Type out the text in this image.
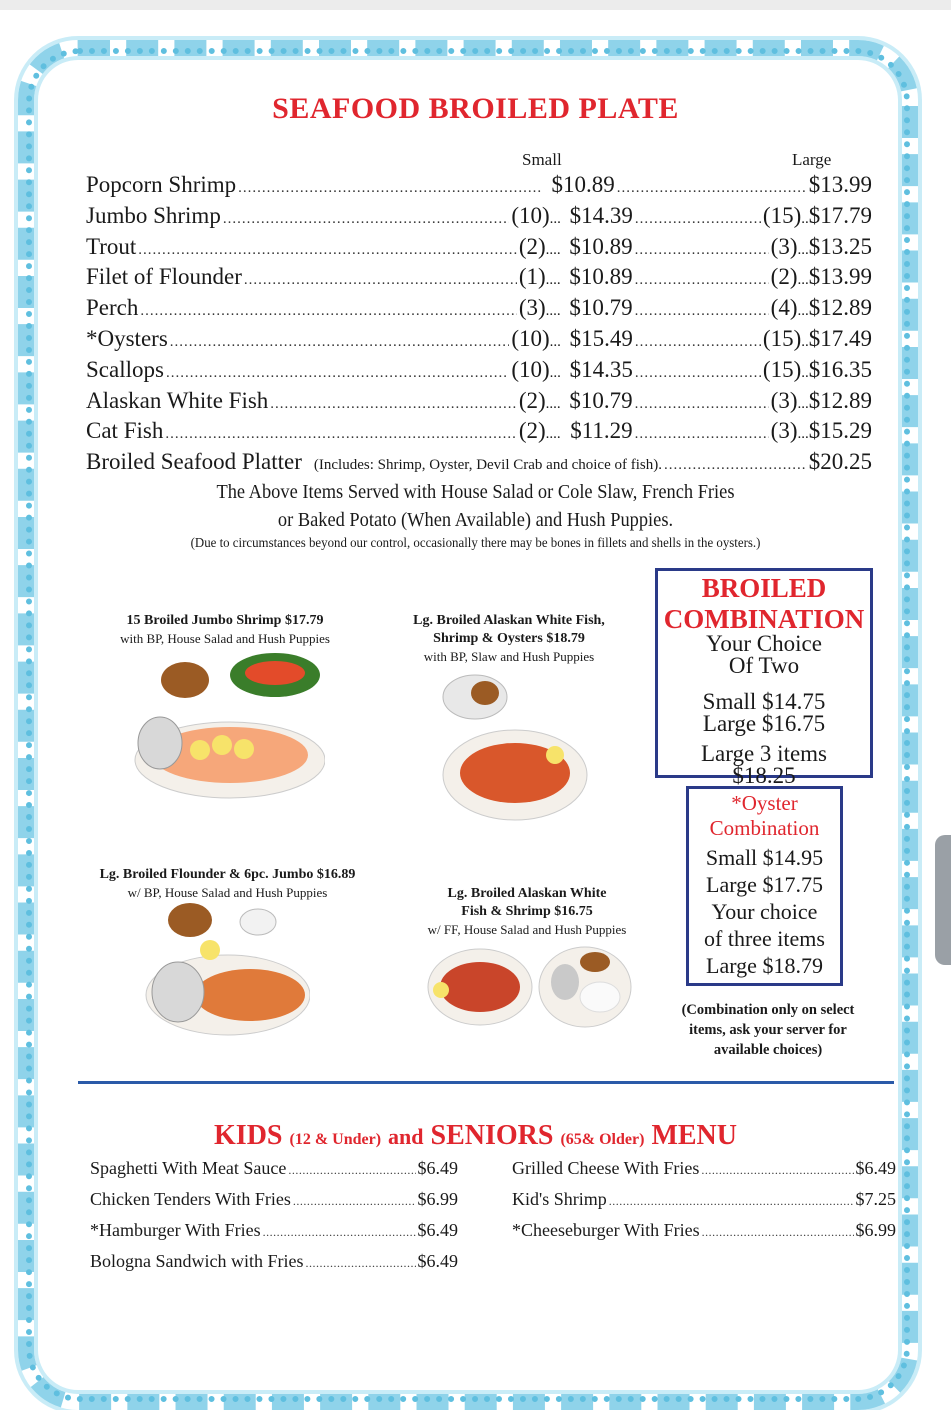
SEAFOOD BROILED PLATE
Small	Large
Popcorn Shrimp .....	$10.89 .....	$13.99
Jumbo Shrimp .....	(10) ... $14.39 .....	(15) .. $17.79
Trout .....	(2) .... $10.89 .....	(3) ... $13.25
Filet of Flounder .....	(1) .... $10.89 .....	(2) ... $13.99
Perch .....	(3) .... $10.79 .....	(4) ... $12.89
*Oysters .....	(10) ... $15.49 .....	(15) .. $17.49
Scallops .....	(10) ... $14.35 .....	(15) .. $16.35
Alaskan White Fish .....	(2) .... $10.79 .....	(3) ... $12.89
Cat Fish .....	(2) .... $11.29 .....	(3) ... $15.29
Broiled Seafood Platter (Includes: Shrimp, Oyster, Devil Crab and choice of fish). .....	$20.25
The Above Items Served with House Salad or Cole Slaw, French Fries
or Baked Potato (When Available) and Hush Puppies.
(Due to circumstances beyond our control, occasionally there may be bones in fillets and shells in the oysters.)
15 Broiled Jumbo Shrimp $17.79
with BP, House Salad and Hush Puppies
Lg. Broiled Alaskan White Fish,
Shrimp & Oysters $18.79
with BP, Slaw and Hush Puppies
Lg. Broiled Flounder & 6pc. Jumbo $16.89
w/ BP, House Salad and Hush Puppies	Lg. Broiled Alaskan White
Fish & Shrimp $16.75
w/ FF, House Salad and Hush Puppies
BROILED
COMBINATION
Your Choice
Of Two
Small $14.75
Large $16.75
Large 3 items
$18.25
*Oyster
Combination
Small $14.95
Large $17.75
Your choice
of three items
Large $18.79
(Combination only on select items, ask your server for available choices)
KIDS (12 & Under) and SENIORS (65& Older) MENU
Spaghetti With Meat Sauce .....	$6.49
Chicken Tenders With Fries .....	$6.99
*Hamburger With Fries .....	$6.49
Bologna Sandwich with Fries .....	$6.49
Grilled Cheese With Fries .....	$6.49
Kid's Shrimp .....	$7.25
*Cheeseburger With Fries .....	$6.99
